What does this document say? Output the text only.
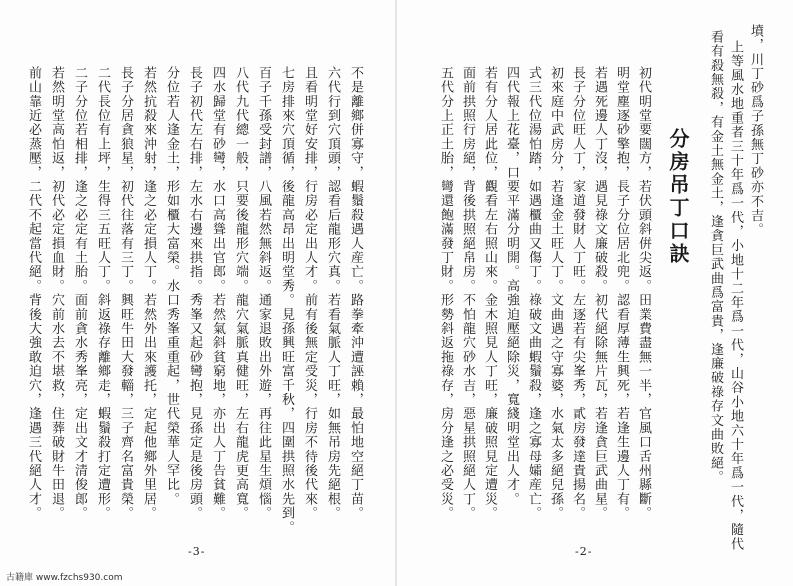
不是離鄉併寡守，蝦鬚殺遇人産亡。路拳牽沖遭誣賴，最怕地空絕丁苗。
六代行到穴頂頭，認看后龍形穴真。若看氣脈人丁旺，如無吊房先絕根。
且看明堂好安排，行房必定出人才。前有後無定受災，行房不待後代來。
七房排來穴頂循，後龍高昂出明堂秀。見孫興旺富千秋，四圍拱照水先到。
百子千孫受封譜，八風若然無斜返。通家退敗出外遊，再往此星生煩惱。
八代九代總一般，只要後龍形穴端。龍穴氣脈真健旺，左右龍虎更高寬。
四水歸堂有砂彎，水口高聳出官郎。若然氣斜貧窮地，亦出人丁告貧難。
長子初代左右排，左水右邊來拱指。秀峯又起砂彎抱，見孫定是後房頭。
分位若人逢金土，形如櫃大富榮。水口秀峯重重起，世代榮華人罕比。
若然抗殺來沖射，逢之必定損人丁。若然外出來護托，定起他鄉外里居。
長子分居貪狼星，初代往落有三丁。興旺牛田大發輜，三子齊名富貴榮。
二代長位有上坪，生得三五旺人丁。斜返祿存離鄉走，蝦鬚殺打定遭形。
二子分位若相排，逢之必定有土胎。面前貪水秀峯亮，定出文才清俊郎。
若然明堂高怕返，初代必定損血財。穴前水去不堪救，住葬破財牛田退。
前山靠近必蒸壓，二代不起當代絕。背後大強敢迫穴，逢遇三代絕人才。
-3-
墳，川丁砂爲子孫無丁砂亦不吉。
上等風水地重者三十年爲一代，小地十二年爲一代，山谷小地六十年爲一代，隨代
看有殺無殺，有金土無金土，逢貪巨武曲爲富貴，逢廉破祿存文曲敗絕。
分房吊丁口訣
初代明堂要闊方，若伏頭斜倂尖返。田業費盡無一半，官風口舌州縣斷。
明堂塵逐砂擎抱，長子分位居北兜。認看厚薄生興死，若逢生邊人丁有。
若遇死邊人丁沒，遇見祿文廉破殺。初代絕除無片瓦，若逢貪巨武曲星。
長子分位旺人丁，家道發財人丁旺。左逐若有尖峯秀，貳房發達貴揚名。
初來庭中武房分，若逢金土旺人丁。文曲遇之守寡婆，水氣太多絕兒孫。
式三代位湯怕踏，如遇櫃曲又傷丁。祿破文曲蝦鬚殺，逢之寡母孀産亡。
四代報上花臺，口要平滿分明開。高強迫壓絕除災，寬綫明堂出人才。
若有分人居此位，觀看左右照山來。金木照見人丁旺，廉破照見定遭災。
面前拱照行房絕，背後拱照絕帛房。不怕龍穴砂水吉，惡星拱照絕人丁。
五代分上正土胎，彎還飽滿發丁財。形勢斜返拖祿存，房分逢之必受災。
-2-
古籍庫 www.fzchs930.com
